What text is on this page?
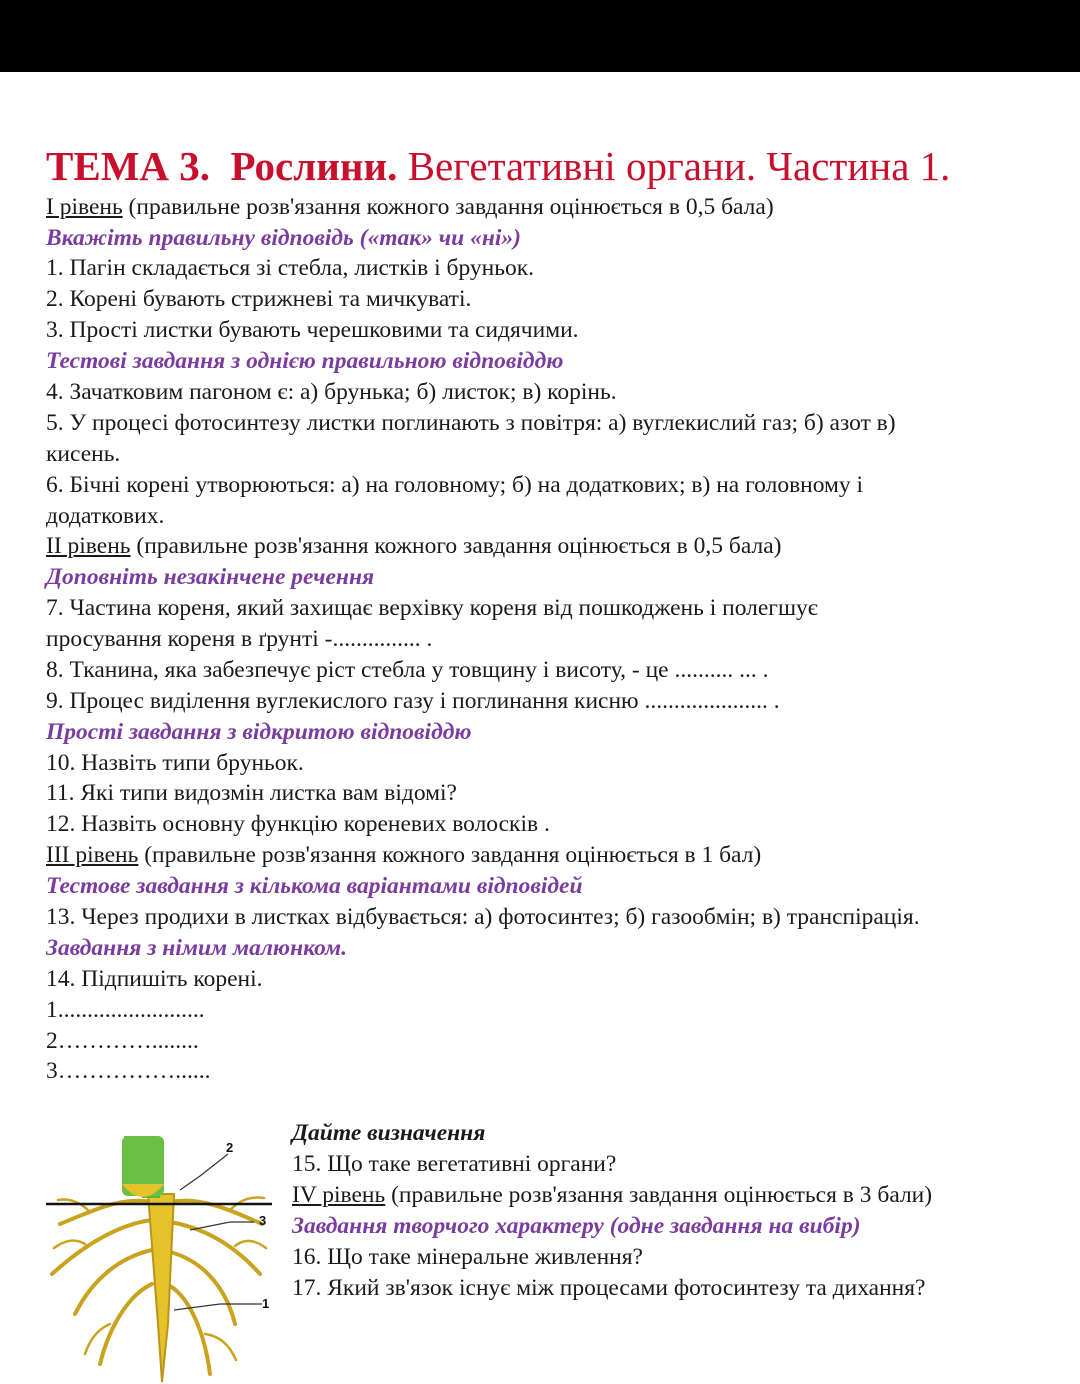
ТЕМА 3. Рослини. Вегетативні органи. Частина 1.
I рівень (правильне розв'язання кожного завдання оцінюється в 0,5 бала)
Вкажіть правильну відповідь («так» чи «ні»)
1. Пагін складається зі стебла, листків і бруньок.
2. Корені бувають стрижневі та мичкуваті.
3. Прості листки бувають черешковими та сидячими.
Тестові завдання з однією правильною відповіддю
4. Зачатковим пагоном є: а) брунька; б) листок; в) корінь.
5. У процесі фотосинтезу листки поглинають з повітря: а) вуглекислий газ; б) азот в)
кисень.
6. Бічні корені утворюються: а) на головному; б) на додаткових; в) на головному і
додаткових.
II рівень (правильне розв'язання кожного завдання оцінюється в 0,5 бала)
Доповніть незакінчене речення
7. Частина кореня, який захищає верхівку кореня від пошкоджень і полегшує
просування кореня в ґрунті -............... .
8. Тканина, яка забезпечує ріст стебла у товщину і висоту, - це .......... ... .
9. Процес виділення вуглекислого газу і поглинання кисню ..................... .
Прості завдання з відкритою відповіддю
10. Назвіть типи бруньок.
11. Які типи видозмін листка вам відомі?
12. Назвіть основну функцію кореневих волосків .
III рівень (правильне розв'язання кожного завдання оцінюється в 1 бал)
Тестове завдання з кількома варіантами відповідей
13. Через продихи в листках відбувається: а) фотосинтез; б) газообмін; в) транспірація.
Завдання з німим малюнком.
14. Підпишіть корені.
1.........................
2…………........
3……………......
Дайте визначення
15. Що таке вегетативні органи?
IV рівень (правильне розв'язання завдання оцінюється в 3 бали)
Завдання творчого характеру (одне завдання на вибір)
16. Що таке мінеральне живлення?
17. Який зв'язок існує між процесами фотосинтезу та дихання?
2
3
1
